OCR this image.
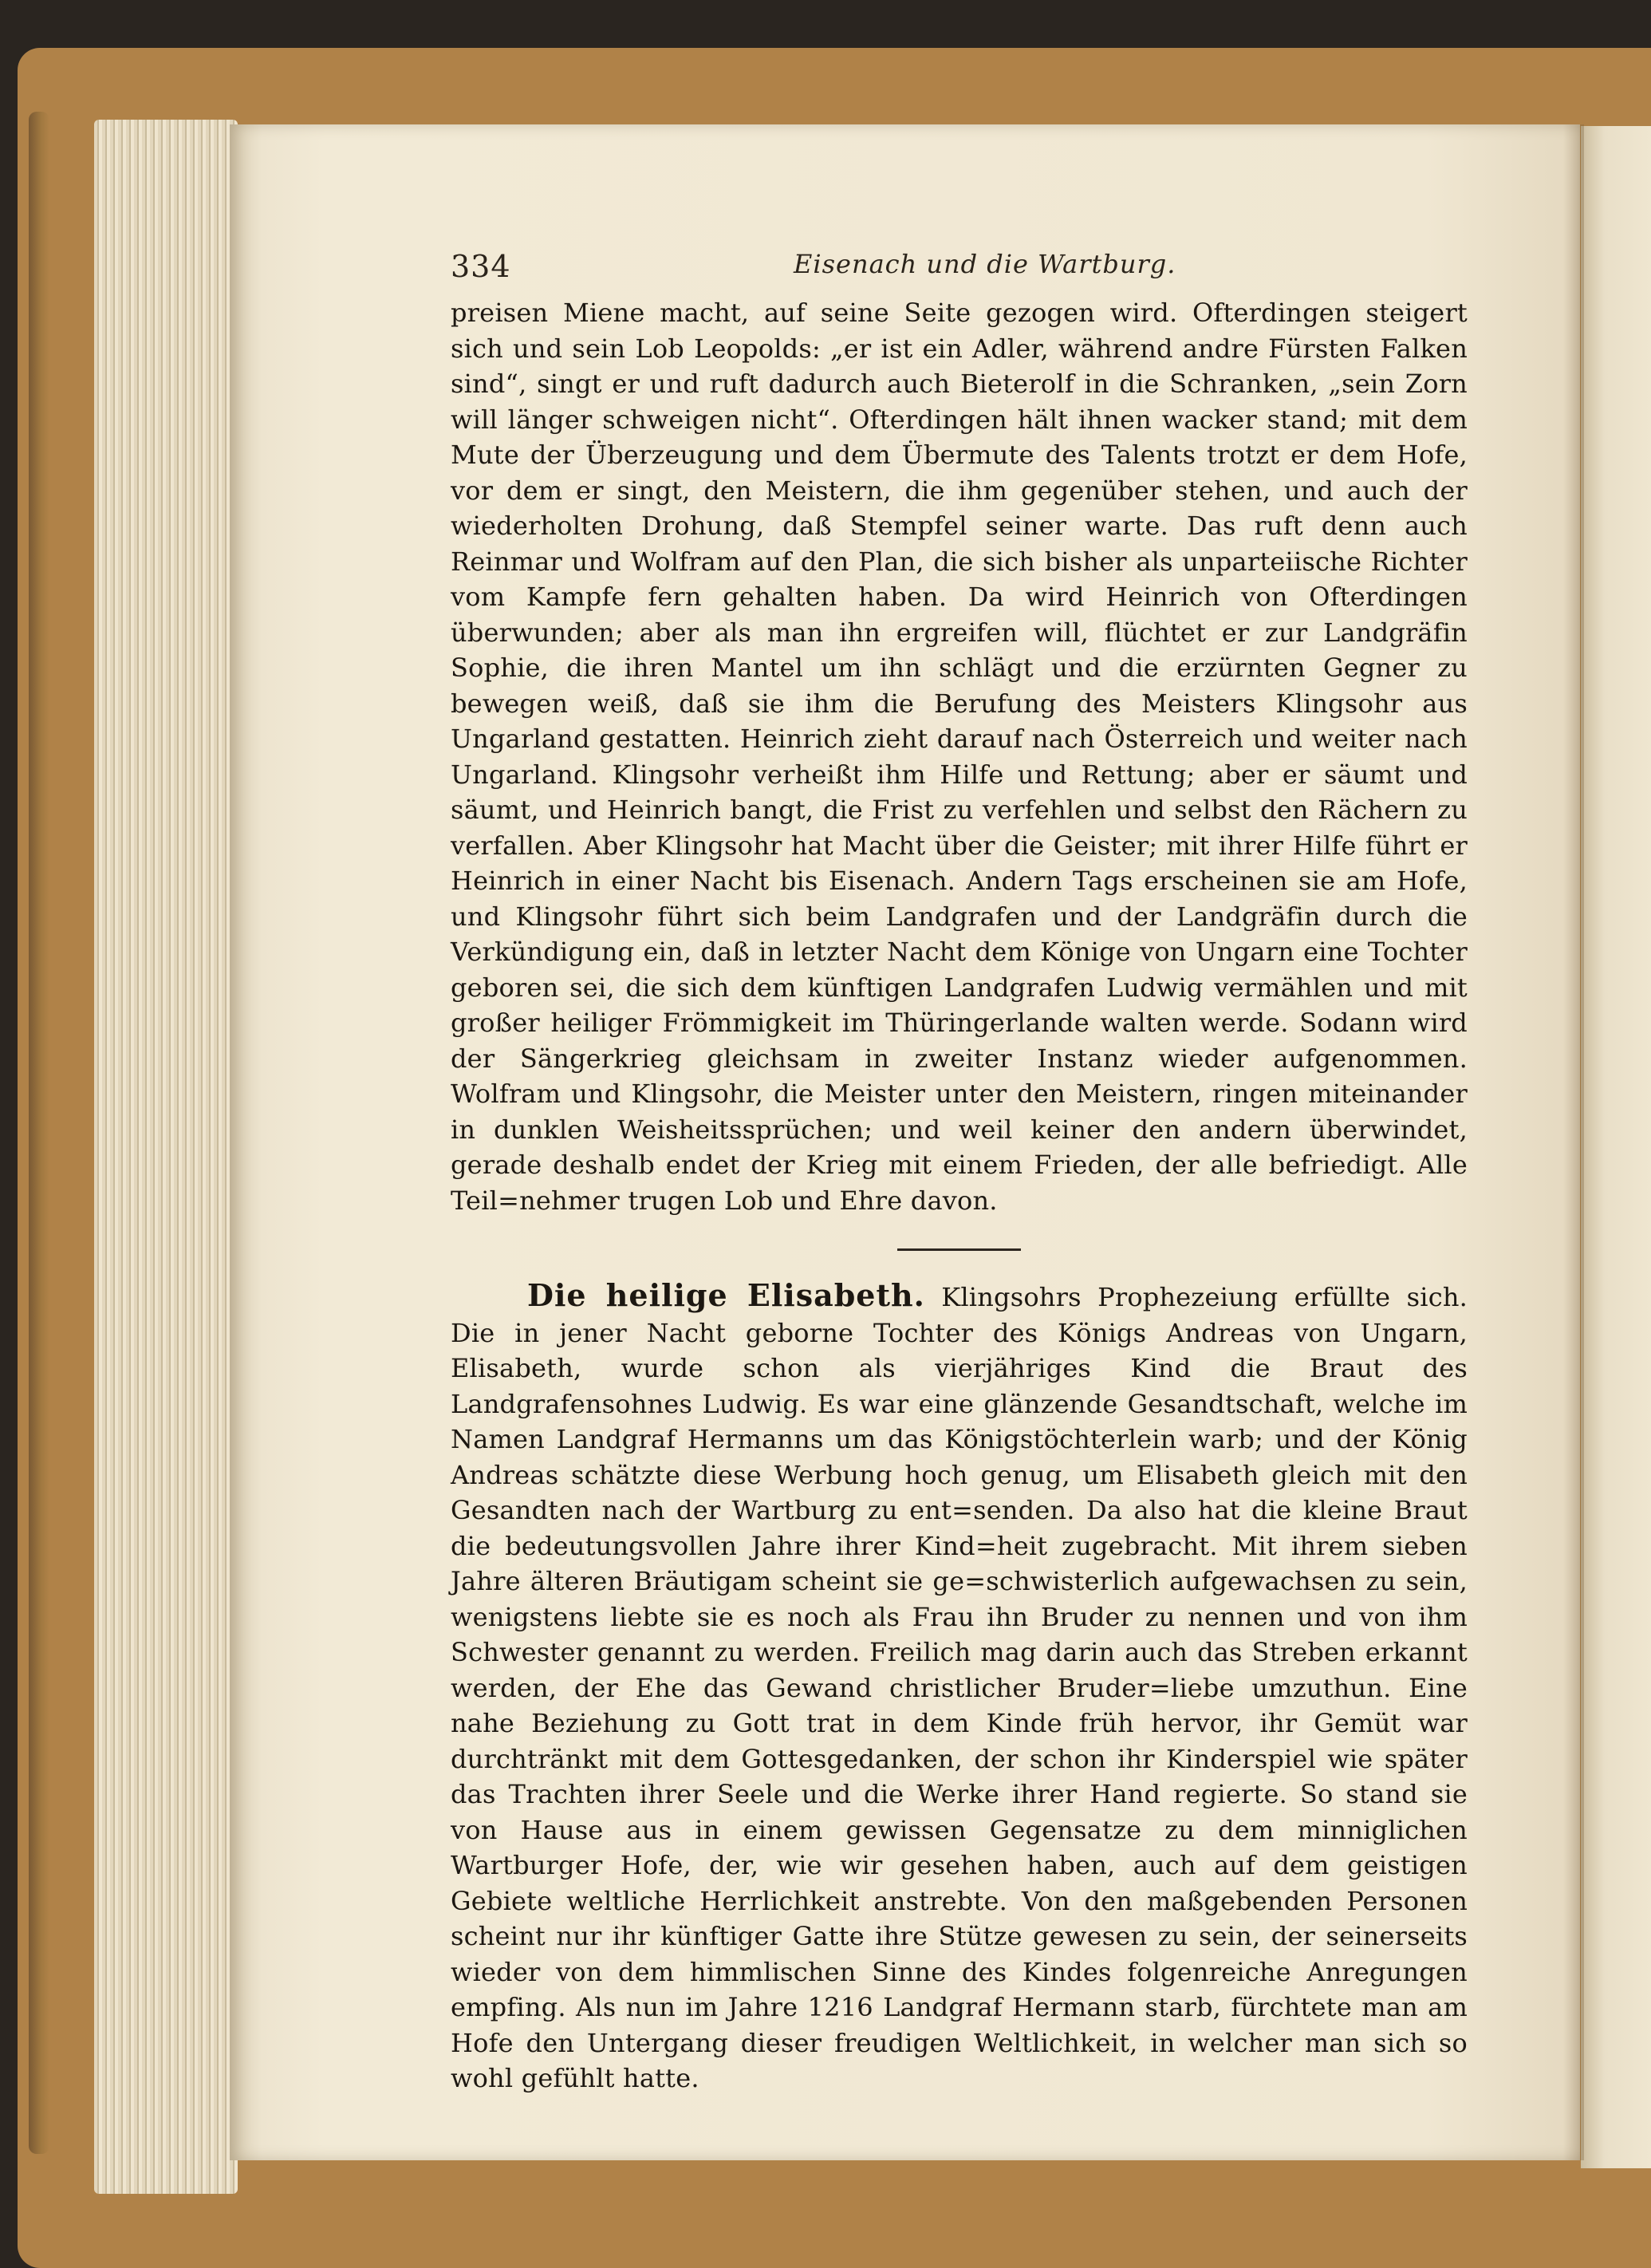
334	Eisenach und die Wartburg.

preisen Miene macht, auf seine Seite gezogen wird. Ofterdingen steigert sich und sein Lob Leopolds: „er ist ein Adler, während andre Fürsten Falken sind“, singt er und ruft dadurch auch Bieterolf in die Schranken, „sein Zorn will länger schweigen nicht“. Ofterdingen hält ihnen wacker stand; mit dem Mute der Überzeugung und dem Übermute des Talents trotzt er dem Hofe, vor dem er singt, den Meistern, die ihm gegenüber stehen, und auch der wiederholten Drohung, daß Stempfel seiner warte. Das ruft denn auch Reinmar und Wolfram auf den Plan, die sich bisher als unparteiische Richter vom Kampfe fern gehalten haben. Da wird Heinrich von Ofterdingen überwunden; aber als man ihn ergreifen will, flüchtet er zur Landgräfin Sophie, die ihren Mantel um ihn schlägt und die erzürnten Gegner zu bewegen weiß, daß sie ihm die Berufung des Meisters Klingsohr aus Ungarland gestatten. Heinrich zieht darauf nach Österreich und weiter nach Ungarland. Klingsohr verheißt ihm Hilfe und Rettung; aber er säumt und säumt, und Heinrich bangt, die Frist zu verfehlen und selbst den Rächern zu verfallen. Aber Klingsohr hat Macht über die Geister; mit ihrer Hilfe führt er Heinrich in einer Nacht bis Eisenach. Andern Tags erscheinen sie am Hofe, und Klingsohr führt sich beim Landgrafen und der Landgräfin durch die Verkündigung ein, daß in letzter Nacht dem Könige von Ungarn eine Tochter geboren sei, die sich dem künftigen Landgrafen Ludwig vermählen und mit großer heiliger Frömmigkeit im Thüringerlande walten werde. Sodann wird der Sängerkrieg gleichsam in zweiter Instanz wieder aufgenommen. Wolfram und Klingsohr, die Meister unter den Meistern, ringen miteinander in dunklen Weisheitssprüchen; und weil keiner den andern überwindet, gerade deshalb endet der Krieg mit einem Frieden, der alle befriedigt. Alle Teil=nehmer trugen Lob und Ehre davon.

Die heilige Elisabeth. Klingsohrs Prophezeiung erfüllte sich. Die in jener Nacht geborne Tochter des Königs Andreas von Ungarn, Elisabeth, wurde schon als vierjähriges Kind die Braut des Landgrafensohnes Ludwig. Es war eine glänzende Gesandtschaft, welche im Namen Landgraf Hermanns um das Königstöchterlein warb; und der König Andreas schätzte diese Werbung hoch genug, um Elisabeth gleich mit den Gesandten nach der Wartburg zu ent=senden. Da also hat die kleine Braut die bedeutungsvollen Jahre ihrer Kind=heit zugebracht. Mit ihrem sieben Jahre älteren Bräutigam scheint sie ge=schwisterlich aufgewachsen zu sein, wenigstens liebte sie es noch als Frau ihn Bruder zu nennen und von ihm Schwester genannt zu werden. Freilich mag darin auch das Streben erkannt werden, der Ehe das Gewand christlicher Bruder=liebe umzuthun. Eine nahe Beziehung zu Gott trat in dem Kinde früh hervor, ihr Gemüt war durchtränkt mit dem Gottesgedanken, der schon ihr Kinderspiel wie später das Trachten ihrer Seele und die Werke ihrer Hand regierte. So stand sie von Hause aus in einem gewissen Gegensatze zu dem minniglichen Wartburger Hofe, der, wie wir gesehen haben, auch auf dem geistigen Gebiete weltliche Herrlichkeit anstrebte. Von den maßgebenden Personen scheint nur ihr künftiger Gatte ihre Stütze gewesen zu sein, der seinerseits wieder von dem himmlischen Sinne des Kindes folgenreiche Anregungen empfing. Als nun im Jahre 1216 Landgraf Hermann starb, fürchtete man am Hofe den Untergang dieser freudigen Weltlichkeit, in welcher man sich so wohl gefühlt hatte.
